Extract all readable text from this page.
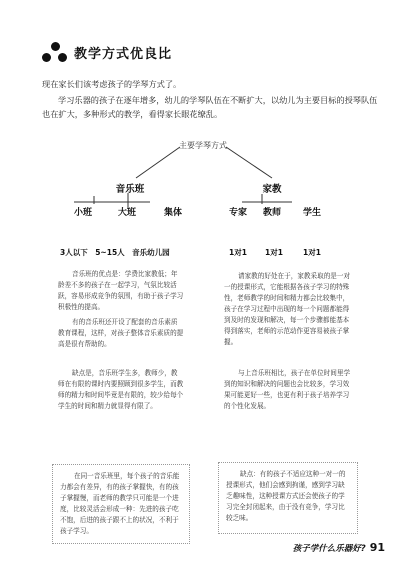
教学方式优良比
现在家长们该考虑孩子的学琴方式了。
学习乐器的孩子在逐年增多，幼儿的学琴队伍在不断扩大，以幼儿为主要目标的授琴队伍也在扩大，多种形式的教学，看得家长眼花缭乱。
主要学琴方式
音乐班	家教
小班	大班	集体	专家 教师 学生
3人以下　5~15人　音乐幼儿园	1对1	1对1	1对1

音乐班的优点是：学费比家教低；年龄差不多的孩子在一起学习，气氛比较活跃，容易形成竞争的氛围，有助于孩子学习积极性的提高。

有的音乐班还开设了配套的音乐素质教育课程，这样，对孩子整体音乐素质的提高是很有帮助的。

缺点是，音乐班学生多，教师少，教师在有限的课时内要照顾到很多学生，而教师的精力和时间毕竟是有限的，较少给每个学生的时间和精力就显得有限了。

在同一音乐班里，每个孩子的音乐能力都会有差异，有的孩子掌握快，有的孩子掌握慢，而老师的教学只可能是一个进度，比较灵活会形成一种：先进的孩子吃不饱，后进的孩子跟不上的状况，不利于孩子学习。

请家教的好处在于，家教采取的是一对一的授课形式，它能根据各孩子学习的特殊性，老师教学的时间和精力都会比较集中，孩子在学习过程中出现的每一个问题都能得到及时的发现和解决，每一个步骤都能基本得到落实，老师的示范动作更容易被孩子掌握。

与上音乐班相比，孩子在单位时间里学到的知识和解决的问题也会比较多，学习效果可能更好一些，也更有利于孩子培养学习的个性化发展。

缺点：有的孩子不适应这种一对一的授课形式，他们会感到拘谨，感到学习缺乏趣味性，这种授课方式还会使孩子的学习完全封闭起来，由于没有竞争，学习比较乏味。

孩子学什么乐器好? 91
